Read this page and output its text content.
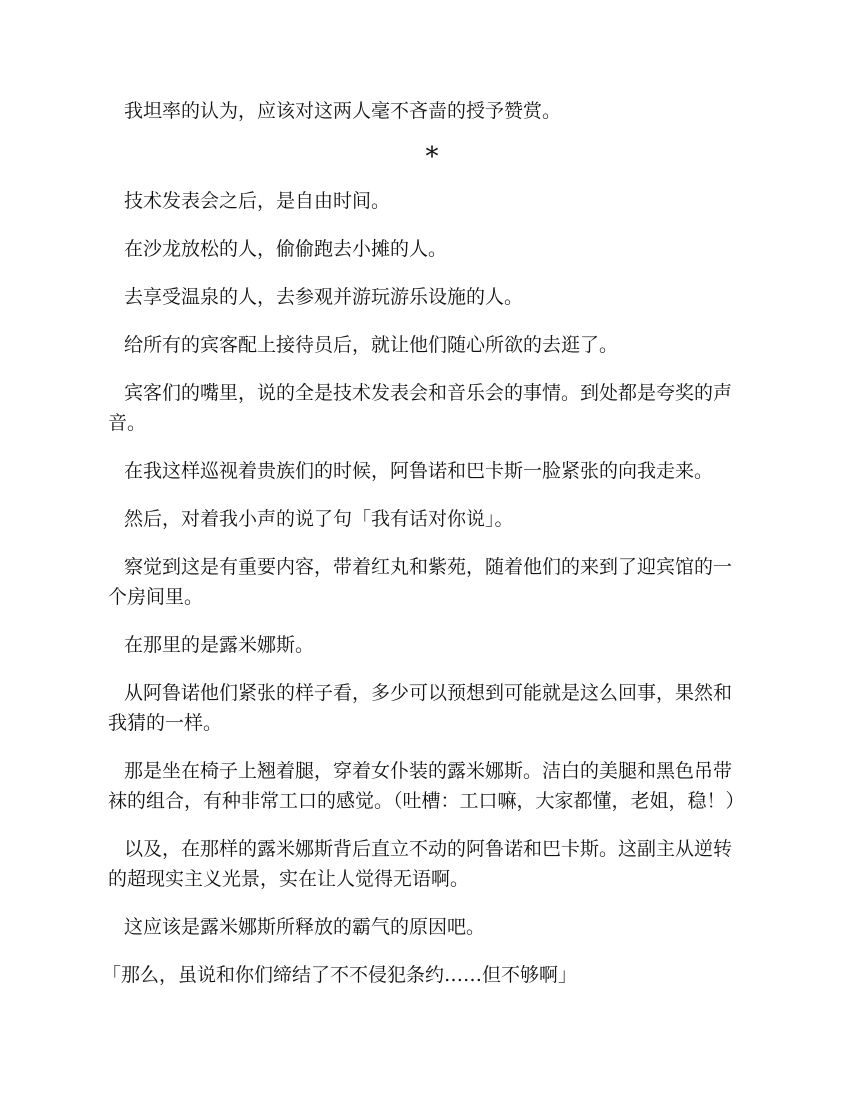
我坦率的认为，应该对这两人毫不吝啬的授予赞赏。

*

技术发表会之后，是自由时间。

在沙龙放松的人，偷偷跑去小摊的人。

去享受温泉的人，去参观并游玩游乐设施的人。

给所有的宾客配上接待员后，就让他们随心所欲的去逛了。

宾客们的嘴里，说的全是技术发表会和音乐会的事情。到处都是夸奖的声音。

在我这样巡视着贵族们的时候，阿鲁诺和巴卡斯一脸紧张的向我走来。

然后，对着我小声的说了句「我有话对你说」。

察觉到这是有重要内容，带着红丸和紫苑，随着他们的来到了迎宾馆的一个房间里。

在那里的是露米娜斯。

从阿鲁诺他们紧张的样子看，多少可以预想到可能就是这么回事，果然和我猜的一样。

那是坐在椅子上翘着腿，穿着女仆装的露米娜斯。洁白的美腿和黑色吊带袜的组合，有种非常工口的感觉。（吐槽：工口嘛，大家都懂，老姐，稳！）

以及，在那样的露米娜斯背后直立不动的阿鲁诺和巴卡斯。这副主从逆转的超现实主义光景，实在让人觉得无语啊。

这应该是露米娜斯所释放的霸气的原因吧。

「那么，虽说和你们缔结了不不侵犯条约……但不够啊」
